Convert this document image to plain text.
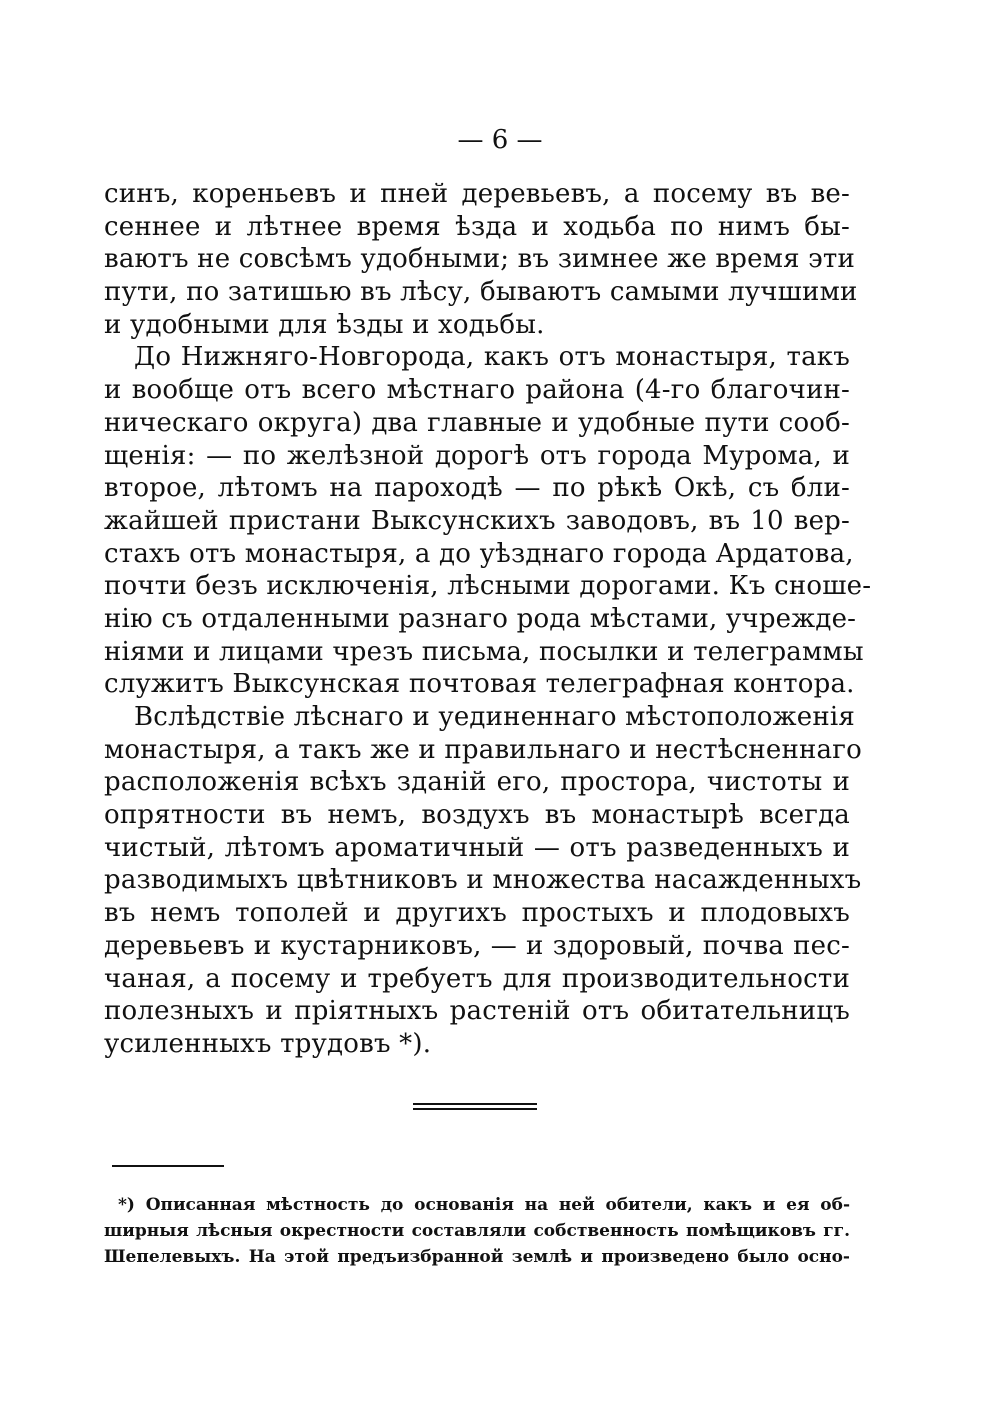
— 6 —
синъ, кореньевъ и пней деревьевъ, а посему въ ве-
сеннее и лѣтнее время ѣзда и ходьба по нимъ бы-
ваютъ не совсѣмъ удобными; въ зимнее же время эти
пути, по затишью въ лѣсу, бываютъ самыми лучшими
и удобными для ѣзды и ходьбы.
До Нижняго-Новгорода, какъ отъ монастыря, такъ
и вообще отъ всего мѣстнаго района (4-го благочин-
ническаго округа) два главные и удобные пути сооб-
щенія: — по желѣзной дорогѣ отъ города Мурома, и
второе, лѣтомъ на пароходѣ — по рѣкѣ Окѣ, съ бли-
жайшей пристани Выксунскихъ заводовъ, въ 10 вер-
стахъ отъ монастыря, а до уѣзднаго города Ардатова,
почти безъ исключенія, лѣсными дорогами. Къ сноше-
нію съ отдаленными разнаго рода мѣстами, учрежде-
ніями и лицами чрезъ письма, посылки и телеграммы
служитъ Выксунская почтовая телеграфная контора.
Вслѣдствіе лѣснаго и уединеннаго мѣстоположенія
монастыря, а такъ же и правильнаго и нестѣсненнаго
расположенія всѣхъ зданій его, простора, чистоты и
опрятности въ немъ, воздухъ въ монастырѣ всегда
чистый, лѣтомъ ароматичный — отъ разведенныхъ и
разводимыхъ цвѣтниковъ и множества насажденныхъ
въ немъ тополей и другихъ простыхъ и плодовыхъ
деревьевъ и кустарниковъ, — и здоровый, почва пес-
чаная, а посему и требуетъ для производительности
полезныхъ и пріятныхъ растеній отъ обитательницъ
усиленныхъ трудовъ *).
*) Описанная мѣстность до основанія на ней обители, какъ и ея об-
ширныя лѣсныя окрестности составляли собственность помѣщиковъ гг.
Шепелевыхъ. На этой предъизбранной землѣ и произведено было осно-
